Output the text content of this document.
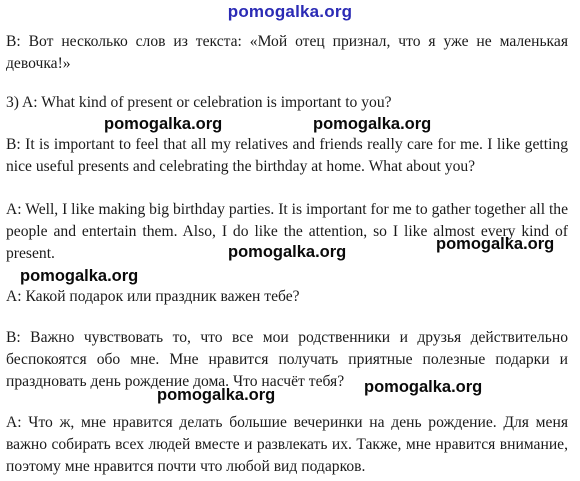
pomogalka.org
B: Вот несколько слов из текста: «Мой отец признал, что я уже не маленькая девочка!»
3) A: What kind of present or celebration is important to you?
B: It is important to feel that all my relatives and friends really care for me. I like getting nice useful presents and celebrating the birthday at home. What about you?
A: Well, I like making big birthday parties. It is important for me to gather together all the people and entertain them. Also, I do like the attention, so I like almost every kind of present.
A: Какой подарок или праздник важен тебе?
B: Важно чувствовать то, что все мои родственники и друзья действительно беспокоятся обо мне. Мне нравится получать приятные полезные подарки и праздновать день рождение дома. Что насчёт тебя?
A: Что ж, мне нравится делать большие вечеринки на день рождение. Для меня важно собирать всех людей вместе и развлекать их. Также, мне нравится внимание, поэтому мне нравится почти что любой вид подарков.
pomogalka.org	pomogalka.org
pomogalka.org	pomogalka.org
pomogalka.org
pomogalka.org	pomogalka.org
